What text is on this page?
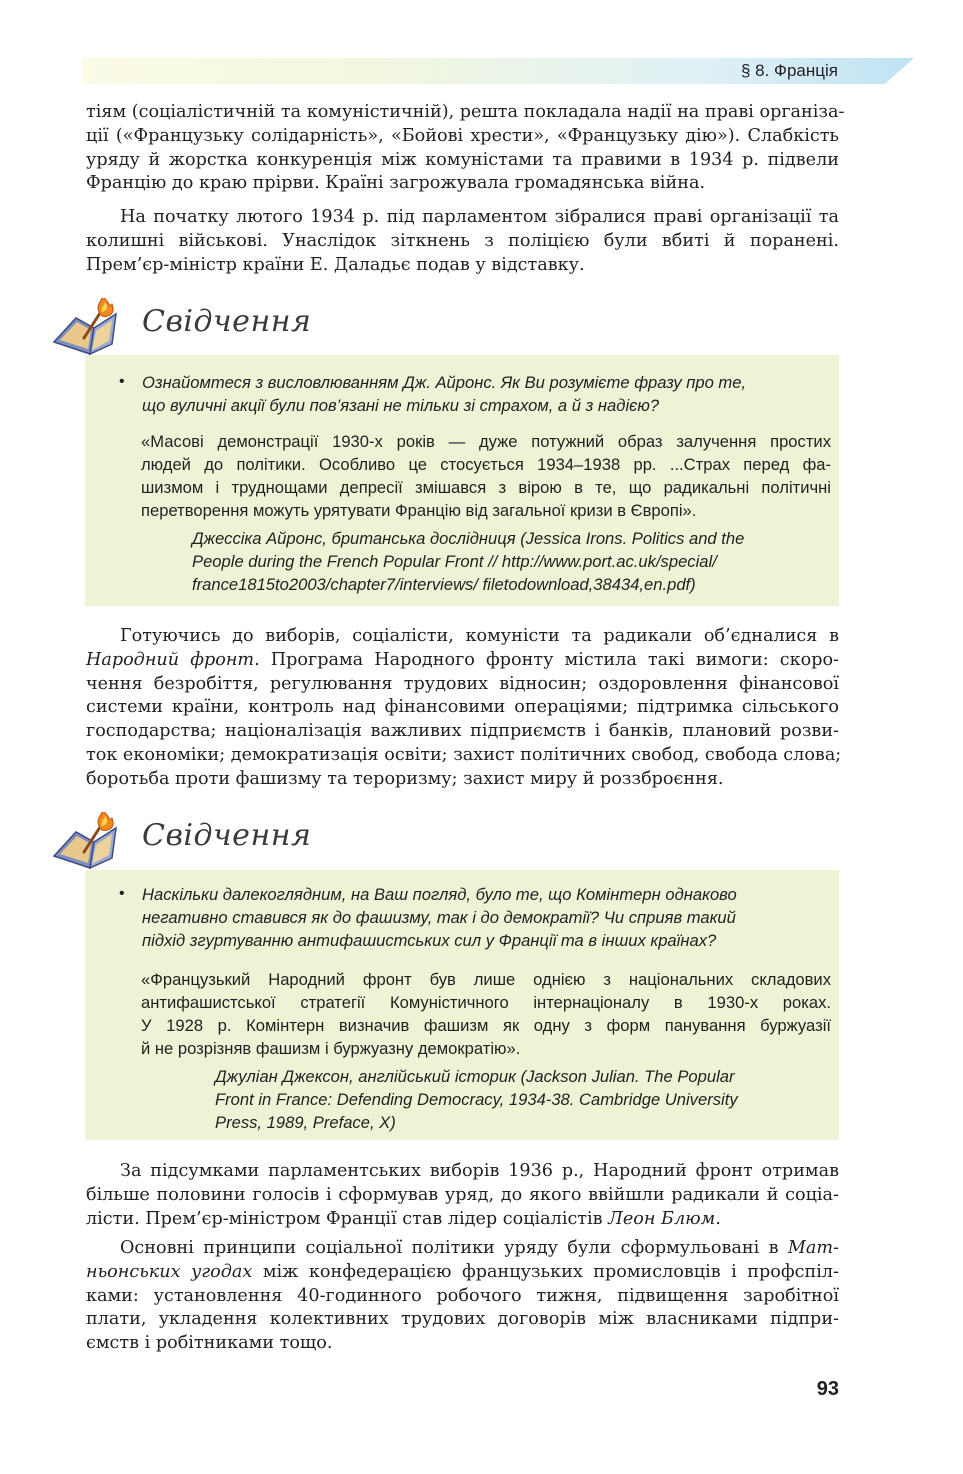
§ 8. Франція

тіям (соціалістичній та комуністичній), решта покладала надії на праві організа-
ції («Французьку солідарність», «Бойові хрести», «Французьку дію»). Слабкість
уряду й жорстка конкуренція між комуністами та правими в 1934 р. підвели
Францію до краю прірви. Країні загрожувала громадянська війна.

На початку лютого 1934 р. під парламентом зібралися праві організації та
колишні військові. Унаслідок зіткнень з поліцією були вбиті й поранені.
Прем’єр-міністр країни Е. Даладьє подав у відставку.

Свідчення
• Ознайомтеся з висловлюванням Дж. Айронс. Як Ви розумієте фразу про те,
що вуличні акції були пов’язані не тільки зі страхом, а й з надією?
«Масові демонстрації 1930-х років — дуже потужний образ залучення простих
людей до політики. Особливо це стосується 1934–1938 рр. ...Страх перед фа-
шизмом і труднощами депресії змішався з вірою в те, що радикальні політичні
перетворення можуть урятувати Францію від загальної кризи в Європі».
Джессіка Айронс, британська дослідниця (Jessica Irons. Politics and the
People during the French Popular Front // http://www.port.ac.uk/special/
france1815to2003/chapter7/interviews/ filetodownload,38434,en.pdf)

Готуючись до виборів, соціалісти, комуністи та радикали об’єдналися в
Народний фронт. Програма Народного фронту містила такі вимоги: скоро-
чення безробіття, регулювання трудових відносин; оздоровлення фінансової
системи країни, контроль над фінансовими операціями; підтримка сільського
господарства; націоналізація важливих підприємств і банків, плановий розви-
ток економіки; демократизація освіти; захист політичних свобод, свобода слова;
боротьба проти фашизму та тероризму; захист миру й роззброєння.

Свідчення
• Наскільки далекоглядним, на Ваш погляд, було те, що Комінтерн однаково
негативно ставився як до фашизму, так і до демократії? Чи сприяв такий
підхід згуртуванню антифашистських сил у Франції та в інших країнах?
«Французький Народний фронт був лише однією з національних складових
антифашистської стратегії Комуністичного інтернаціоналу в 1930-х роках.
У 1928 р. Комінтерн визначив фашизм як одну з форм панування буржуазії
й не розрізняв фашизм і буржуазну демократію».
Джуліан Джексон, англійський історик (Jackson Julian. The Popular
Front in France: Defending Democracy, 1934-38. Cambridge University
Press, 1989, Preface, X)

За підсумками парламентських виборів 1936 р., Народний фронт отримав
більше половини голосів і сформував уряд, до якого ввійшли радикали й соціа-
лісти. Прем’єр-міністром Франції став лідер соціалістів Леон Блюм.

Основні принципи соціальної політики уряду були сформульовані в Мат-
ньонських угодах між конфедерацією французьких промисловців і профспіл-
ками: установлення 40-годинного робочого тижня, підвищення заробітної
плати, укладення колективних трудових договорів між власниками підпри-
ємств і робітниками тощо.

93
